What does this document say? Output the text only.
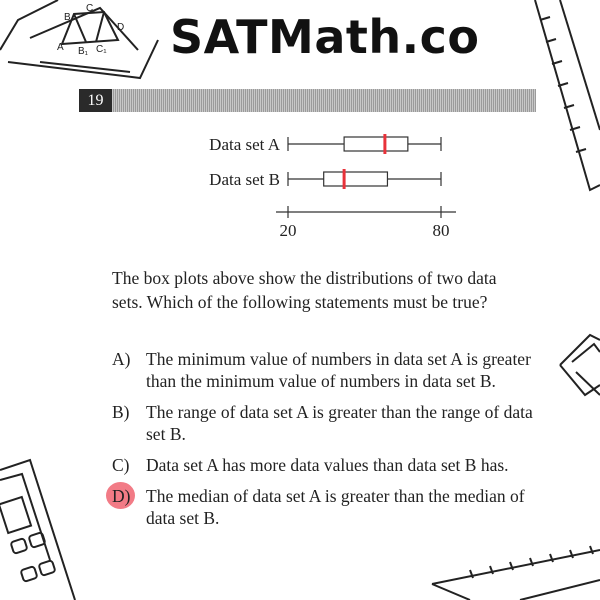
B
C
D
A B₁ C₁ SATMath.co
19
Data set A
Data set B
20	80

The box plots above show the distributions of two data sets. Which of the following statements must be true?

A) The minimum value of numbers in data set A is greater than the minimum value of numbers in data set B.
B) The range of data set A is greater than the range of data set B.
C) Data set A has more data values than data set B has.
D) The median of data set A is greater than the median of data set B.
